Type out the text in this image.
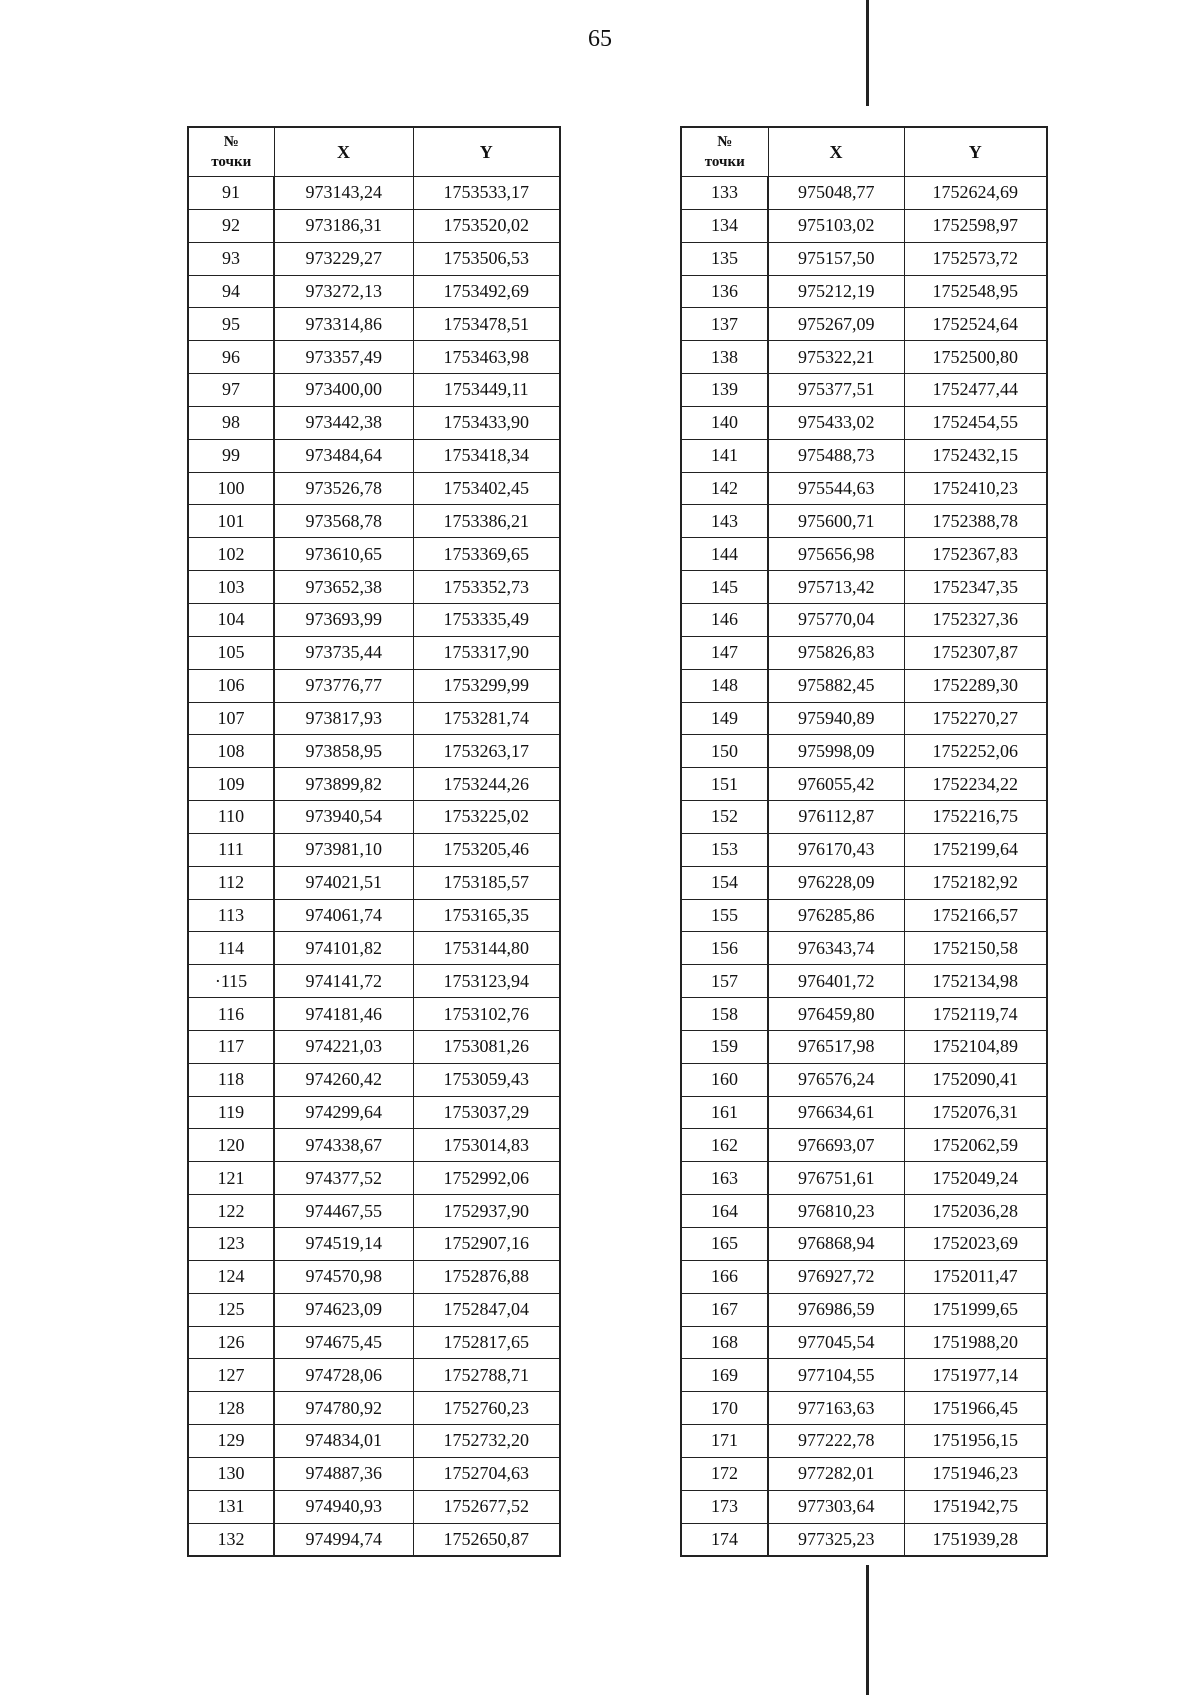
65
№
точки	X	Y
91	973143,24	1753533,17
92	973186,31	1753520,02
93	973229,27	1753506,53
94	973272,13	1753492,69
95	973314,86	1753478,51
96	973357,49	1753463,98
97	973400,00	1753449,11
98	973442,38	1753433,90
99	973484,64	1753418,34
100	973526,78	1753402,45
101	973568,78	1753386,21
102	973610,65	1753369,65
103	973652,38	1753352,73
104	973693,99	1753335,49
105	973735,44	1753317,90
106	973776,77	1753299,99
107	973817,93	1753281,74
108	973858,95	1753263,17
109	973899,82	1753244,26
110	973940,54	1753225,02
111	973981,10	1753205,46
112	974021,51	1753185,57
113	974061,74	1753165,35
114	974101,82	1753144,80
·115	974141,72	1753123,94
116	974181,46	1753102,76
117	974221,03	1753081,26
118	974260,42	1753059,43
119	974299,64	1753037,29
120	974338,67	1753014,83
121	974377,52	1752992,06
122	974467,55	1752937,90
123	974519,14	1752907,16
124	974570,98	1752876,88
125	974623,09	1752847,04
126	974675,45	1752817,65
127	974728,06	1752788,71
128	974780,92	1752760,23
129	974834,01	1752732,20
130	974887,36	1752704,63
131	974940,93	1752677,52
132	974994,74	1752650,87
№
точки	X	Y
133	975048,77	1752624,69
134	975103,02	1752598,97
135	975157,50	1752573,72
136	975212,19	1752548,95
137	975267,09	1752524,64
138	975322,21	1752500,80
139	975377,51	1752477,44
140	975433,02	1752454,55
141	975488,73	1752432,15
142	975544,63	1752410,23
143	975600,71	1752388,78
144	975656,98	1752367,83
145	975713,42	1752347,35
146	975770,04	1752327,36
147	975826,83	1752307,87
148	975882,45	1752289,30
149	975940,89	1752270,27
150	975998,09	1752252,06
151	976055,42	1752234,22
152	976112,87	1752216,75
153	976170,43	1752199,64
154	976228,09	1752182,92
155	976285,86	1752166,57
156	976343,74	1752150,58
157	976401,72	1752134,98
158	976459,80	1752119,74
159	976517,98	1752104,89
160	976576,24	1752090,41
161	976634,61	1752076,31
162	976693,07	1752062,59
163	976751,61	1752049,24
164	976810,23	1752036,28
165	976868,94	1752023,69
166	976927,72	1752011,47
167	976986,59	1751999,65
168	977045,54	1751988,20
169	977104,55	1751977,14
170	977163,63	1751966,45
171	977222,78	1751956,15
172	977282,01	1751946,23
173	977303,64	1751942,75
174	977325,23	1751939,28
